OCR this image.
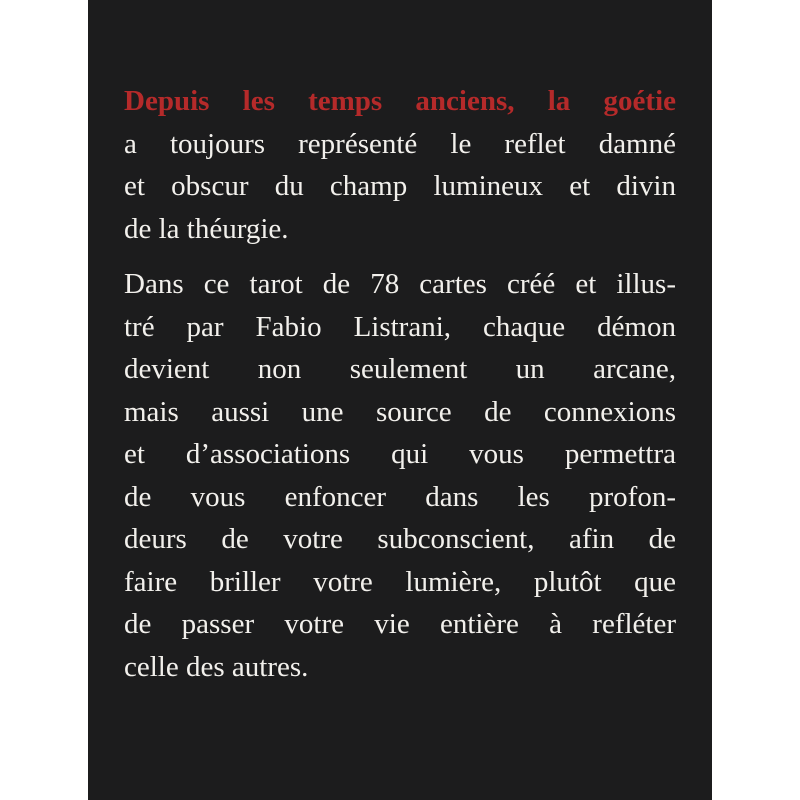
Depuis les temps anciens, la goétie
a toujours représenté le reflet damné
et obscur du champ lumineux et divin
de la théurgie.

Dans ce tarot de 78 cartes créé et illus-
tré par Fabio Listrani, chaque démon
devient non seulement un arcane,
mais aussi une source de connexions
et d’associations qui vous permettra
de vous enfoncer dans les profon-
deurs de votre subconscient, afin de
faire briller votre lumière, plutôt que
de passer votre vie entière à refléter
celle des autres.
